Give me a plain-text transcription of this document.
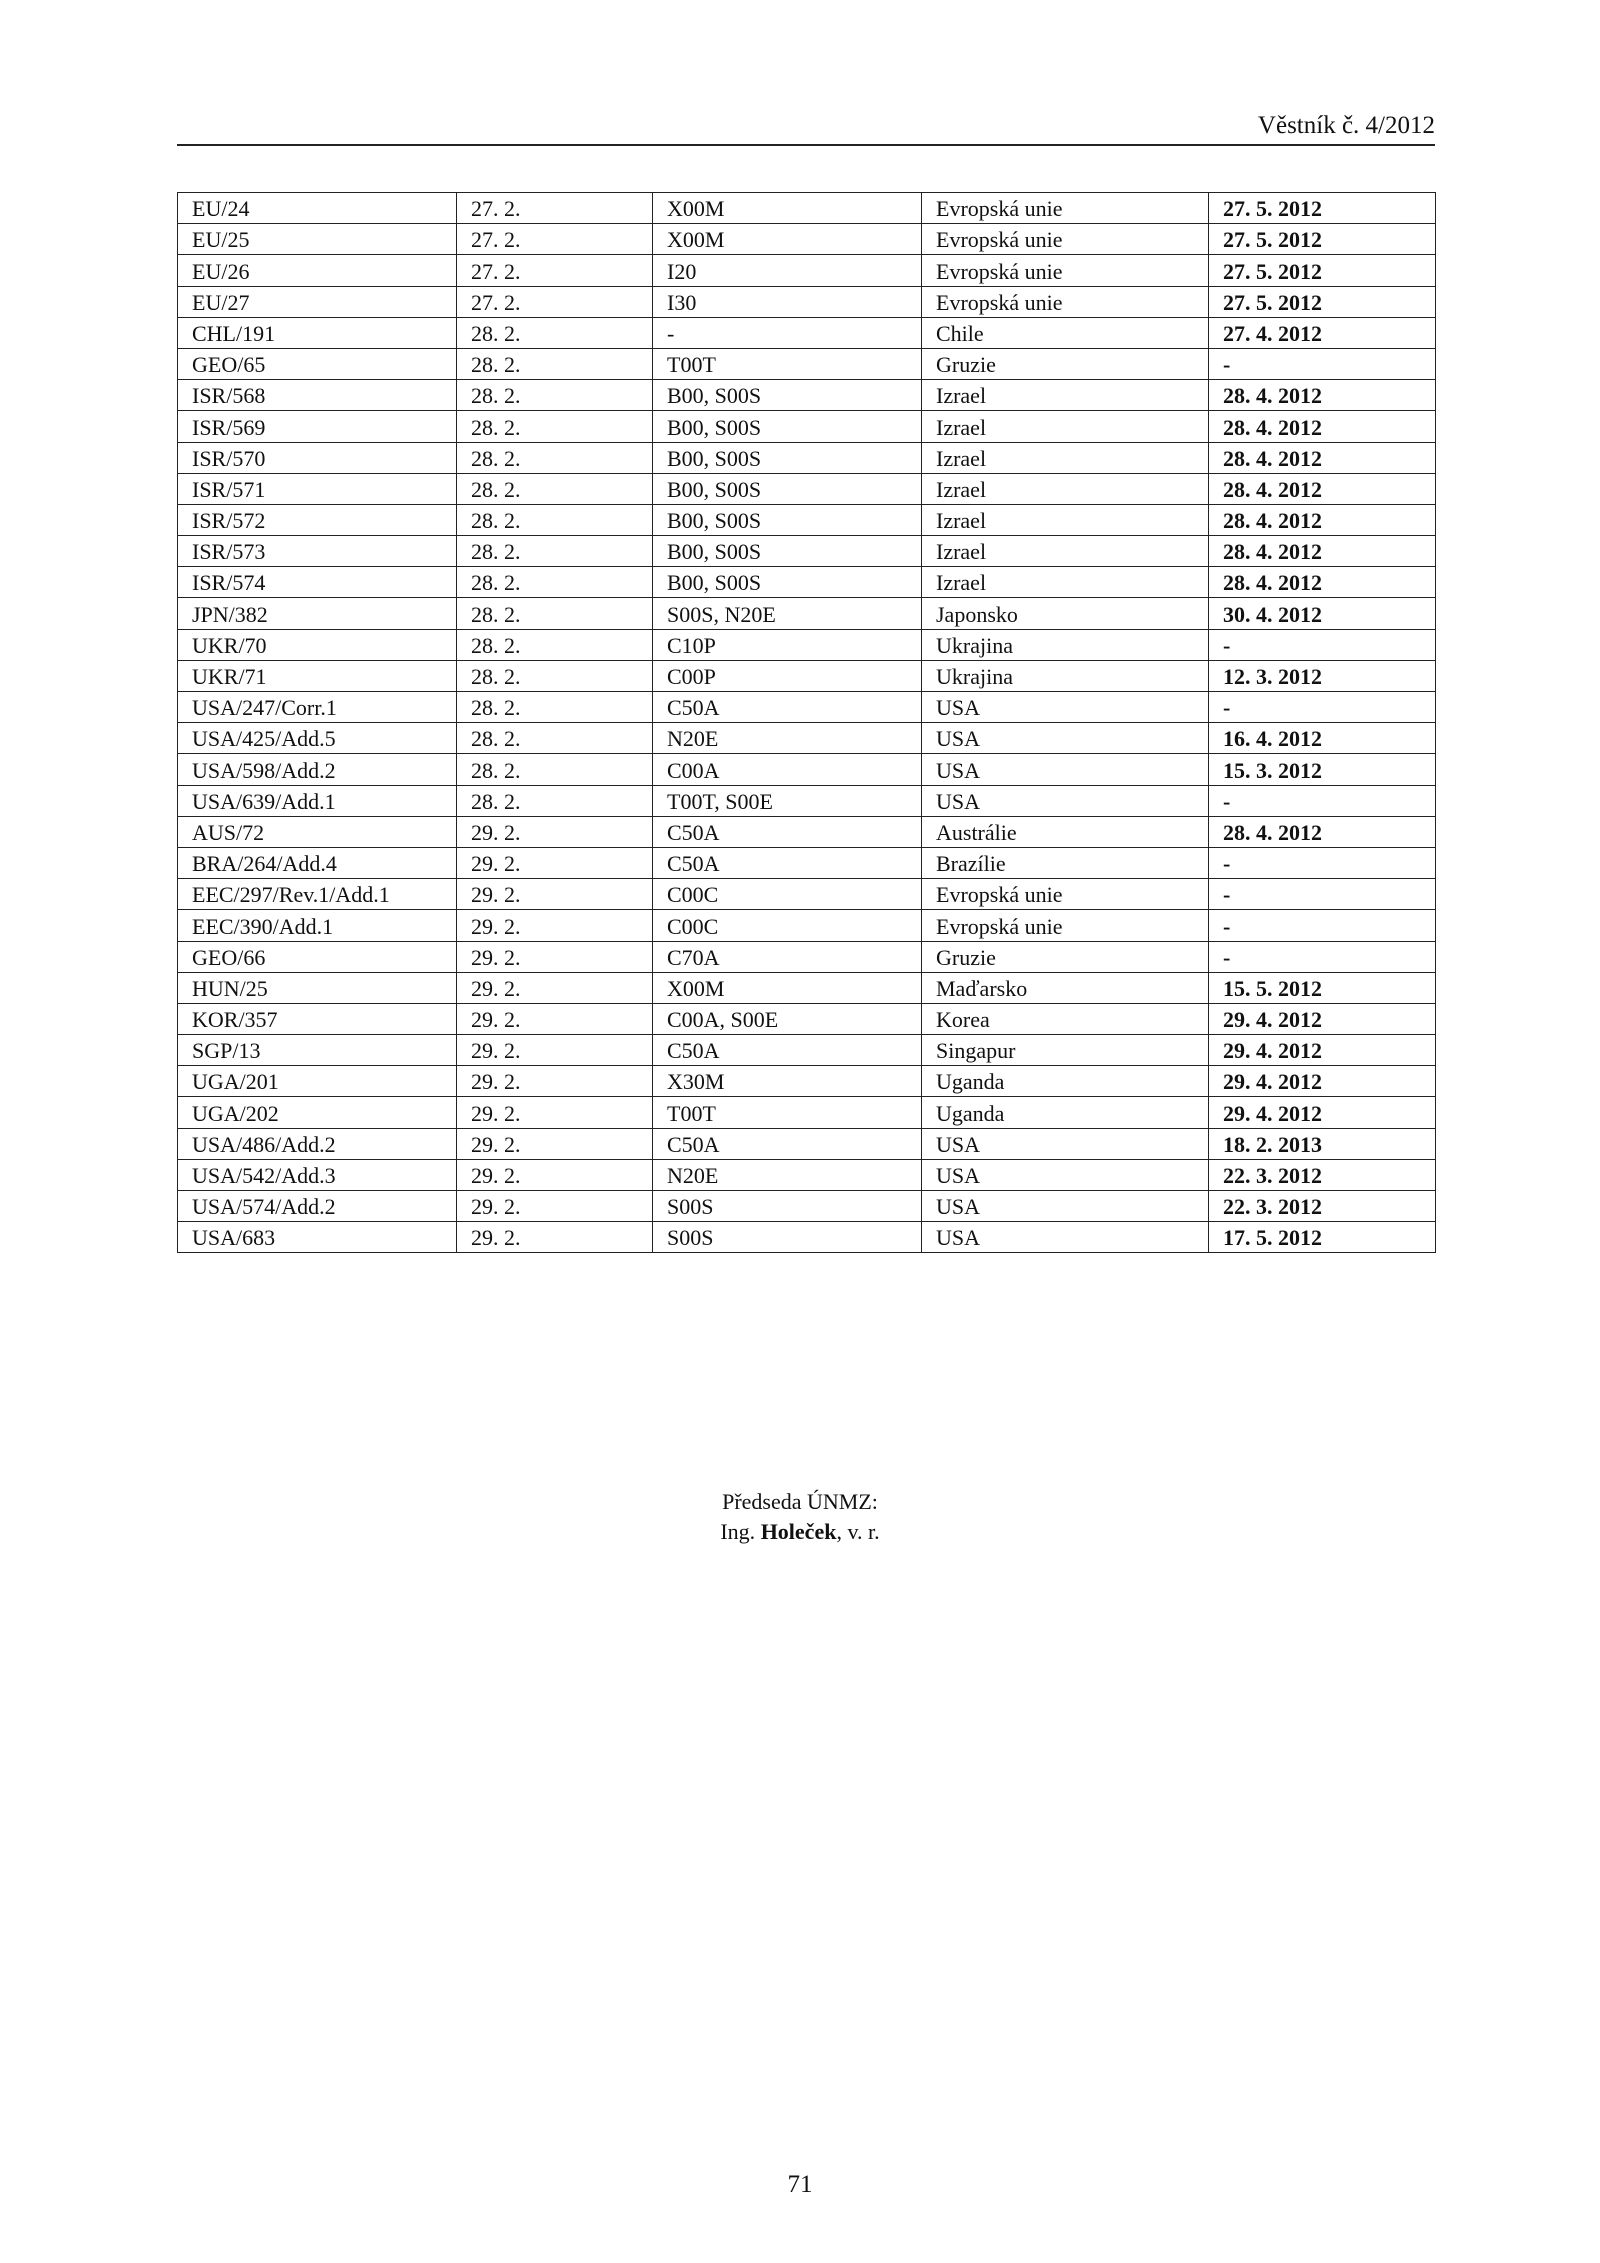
Věstník č. 4/2012
EU/24	27. 2.	X00M	Evropská unie	27. 5. 2012
EU/25	27. 2.	X00M	Evropská unie	27. 5. 2012
EU/26	27. 2.	I20	Evropská unie	27. 5. 2012
EU/27	27. 2.	I30	Evropská unie	27. 5. 2012
CHL/191	28. 2.	-	Chile	27. 4. 2012
GEO/65	28. 2.	T00T	Gruzie	-
ISR/568	28. 2.	B00, S00S	Izrael	28. 4. 2012
ISR/569	28. 2.	B00, S00S	Izrael	28. 4. 2012
ISR/570	28. 2.	B00, S00S	Izrael	28. 4. 2012
ISR/571	28. 2.	B00, S00S	Izrael	28. 4. 2012
ISR/572	28. 2.	B00, S00S	Izrael	28. 4. 2012
ISR/573	28. 2.	B00, S00S	Izrael	28. 4. 2012
ISR/574	28. 2.	B00, S00S	Izrael	28. 4. 2012
JPN/382	28. 2.	S00S, N20E	Japonsko	30. 4. 2012
UKR/70	28. 2.	C10P	Ukrajina	-
UKR/71	28. 2.	C00P	Ukrajina	12. 3. 2012
USA/247/Corr.1	28. 2.	C50A	USA	-
USA/425/Add.5	28. 2.	N20E	USA	16. 4. 2012
USA/598/Add.2	28. 2.	C00A	USA	15. 3. 2012
USA/639/Add.1	28. 2.	T00T, S00E	USA	-
AUS/72	29. 2.	C50A	Austrálie	28. 4. 2012
BRA/264/Add.4	29. 2.	C50A	Brazílie	-
EEC/297/Rev.1/Add.1	29. 2.	C00C	Evropská unie	-
EEC/390/Add.1	29. 2.	C00C	Evropská unie	-
GEO/66	29. 2.	C70A	Gruzie	-
HUN/25	29. 2.	X00M	Maďarsko	15. 5. 2012
KOR/357	29. 2.	C00A, S00E	Korea	29. 4. 2012
SGP/13	29. 2.	C50A	Singapur	29. 4. 2012
UGA/201	29. 2.	X30M	Uganda	29. 4. 2012
UGA/202	29. 2.	T00T	Uganda	29. 4. 2012
USA/486/Add.2	29. 2.	C50A	USA	18. 2. 2013
USA/542/Add.3	29. 2.	N20E	USA	22. 3. 2012
USA/574/Add.2	29. 2.	S00S	USA	22. 3. 2012
USA/683	29. 2.	S00S	USA	17. 5. 2012
Předseda ÚNMZ:
Ing. Holeček, v. r.
71
